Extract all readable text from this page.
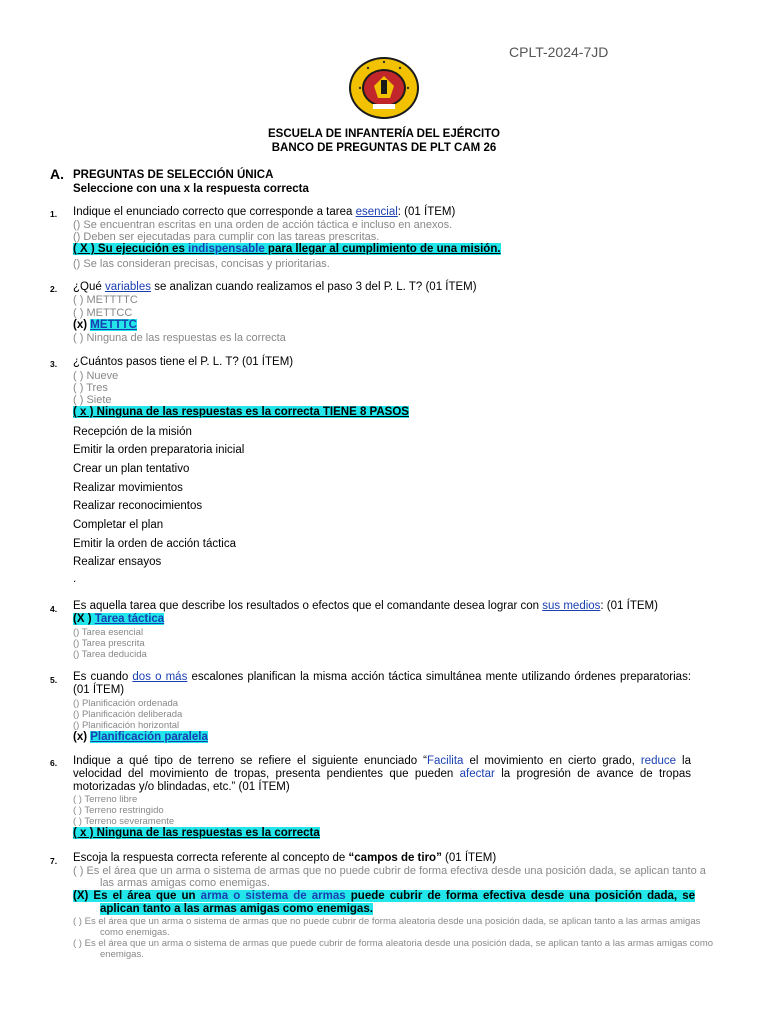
CPLT-2024-7JD
ESCUELA DE INFANTERÍA DEL EJÉRCITO
BANCO DE PREGUNTAS DE PLT CAM 26
A. PREGUNTAS DE SELECCIÓN ÚNICA
Seleccione con una x la respuesta correcta
1. Indique el enunciado correcto que corresponde a tarea esencial: (01 ÍTEM)
() Se encuentran escritas en una orden de acción táctica e incluso en anexos.
() Deben ser ejecutadas para cumplir con las tareas prescritas.
( X ) Su ejecución es indispensable para llegar al cumplimiento de una misión.
() Se las consideran precisas, concisas y prioritarias.
2. ¿Qué variables se analizan cuando realizamos el paso 3 del P. L. T? (01 ÍTEM)
( ) METTTTC
( ) METTCC
(x) METTTC
( ) Ninguna de las respuestas es la correcta
3. ¿Cuántos pasos tiene el P. L. T? (01 ÍTEM)
( ) Nueve
( ) Tres
( ) Siete
( x ) Ninguna de las respuestas es la correcta TIENE 8 PASOS
Recepción de la misión
Emitir la orden preparatoria inicial
Crear un plan tentativo
Realizar movimientos
Realizar reconocimientos
Completar el plan
Emitir la orden de acción táctica
Realizar ensayos
.
4. Es aquella tarea que describe los resultados o efectos que el comandante desea lograr con sus medios: (01 ÍTEM)
(X ) Tarea táctica
() Tarea esencial
() Tarea prescrita
() Tarea deducida
5. Es cuando dos o más escalones planifican la misma acción táctica simultánea mente utilizando órdenes preparatorias: (01 ÍTEM)
() Planificación ordenada
() Planificación deliberada
() Planificación horizontal
(x) Planificación paralela
6. Indique a qué tipo de terreno se refiere el siguiente enunciado “Facilita el movimiento en cierto grado, reduce la velocidad del movimiento de tropas, presenta pendientes que pueden afectar la progresión de avance de tropas motorizadas y/o blindadas, etc.” (01 ÍTEM)
( ) Terreno libre
( ) Terreno restringido
( ) Terreno severamente
( x ) Ninguna de las respuestas es la correcta
7. Escoja la respuesta correcta referente al concepto de “campos de tiro” (01 ÍTEM)
( ) Es el área que un arma o sistema de armas que no puede cubrir de forma efectiva desde una posición dada, se aplican tanto a las armas amigas como enemigas.
(X) Es el área que un arma o sistema de armas puede cubrir de forma efectiva desde una posición dada, se aplican tanto a las armas amigas como enemigas.
( ) Es el área que un arma o sistema de armas que no puede cubrir de forma aleatoria desde una posición dada, se aplican tanto a las armas amigas como enemigas.
( ) Es el área que un arma o sistema de armas que puede cubrir de forma aleatoria desde una posición dada, se aplican tanto a las armas amigas como enemigas.
